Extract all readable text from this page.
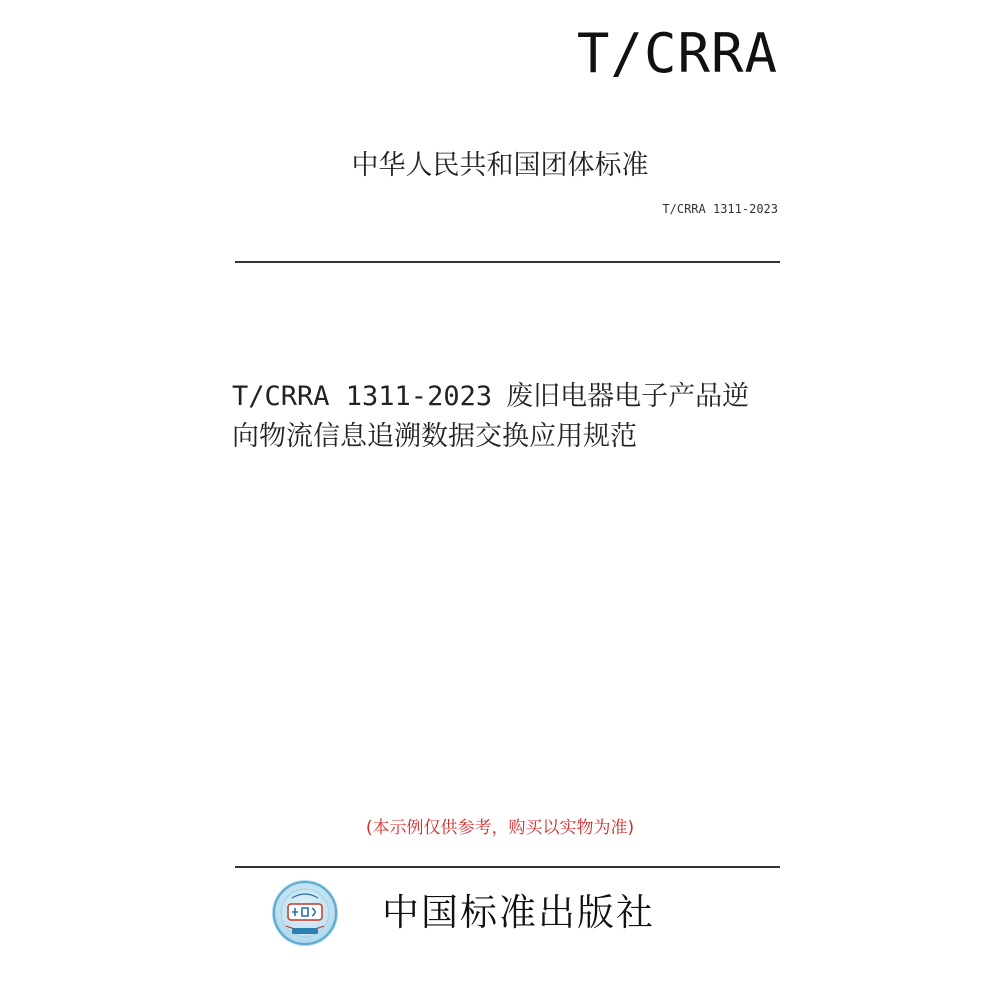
T/CRRA
中华人民共和国团体标准
T/CRRA 1311-2023
T/CRRA 1311-2023 废旧电器电子产品逆
向物流信息追溯数据交换应用规范
(本示例仅供参考，购买以实物为准)
中国标准出版社
